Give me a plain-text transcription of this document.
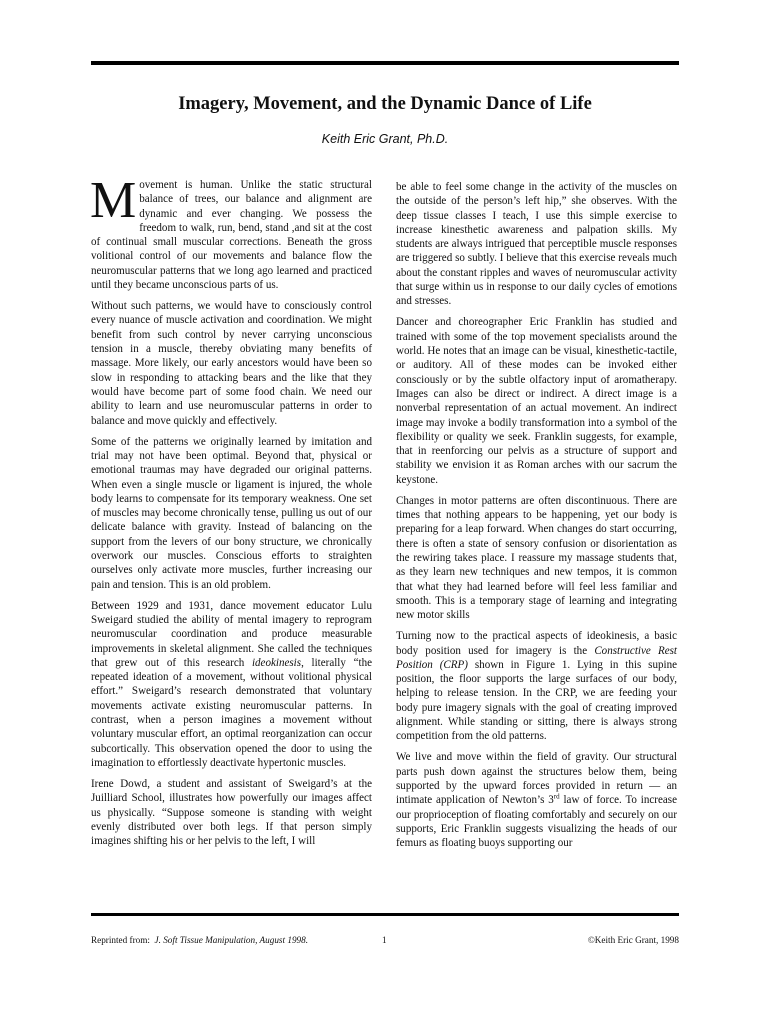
Imagery, Movement, and the Dynamic Dance of Life
Keith Eric Grant, Ph.D.

Movement is human. Unlike the static structural balance of trees, our balance and alignment are dynamic and ever changing. We possess the freedom to walk, run, bend, stand ,and sit at the cost of continual small muscular corrections. Beneath the gross volitional control of our movements and balance flow the neuromuscular patterns that we long ago learned and practiced until they became unconscious parts of us.

Without such patterns, we would have to consciously control every nuance of muscle activation and coordination. We might benefit from such control by never carrying unconscious tension in a muscle, thereby obviating many benefits of massage. More likely, our early ancestors would have been so slow in responding to attacking bears and the like that they would have become part of some food chain. We need our ability to learn and use neuromuscular patterns in order to balance and move quickly and effectively.

Some of the patterns we originally learned by imitation and trial may not have been optimal. Beyond that, physical or emotional traumas may have degraded our original patterns. When even a single muscle or ligament is injured, the whole body learns to compensate for its temporary weakness. One set of muscles may become chronically tense, pulling us out of our delicate balance with gravity. Instead of balancing on the support from the levers of our bony structure, we chronically overwork our muscles. Conscious efforts to straighten ourselves only activate more muscles, further increasing our pain and tension. This is an old problem.

Between 1929 and 1931, dance movement educator Lulu Sweigard studied the ability of mental imagery to reprogram neuromuscular coordination and produce measurable improvements in skeletal alignment. She called the techniques that grew out of this research ideokinesis, literally “the repeated ideation of a movement, without volitional physical effort.” Sweigard’s research demonstrated that voluntary movements activate existing neuromuscular patterns. In contrast, when a person imagines a movement without voluntary muscular effort, an optimal reorganization can occur subcortically. This observation opened the door to using the imagination to effortlessly deactivate hypertonic muscles.

Irene Dowd, a student and assistant of Sweigard’s at the Juilliard School, illustrates how powerfully our images affect us physically. “Suppose someone is standing with weight evenly distributed over both legs. If that person simply imagines shifting his or her pelvis to the left, I will

be able to feel some change in the activity of the muscles on the outside of the person’s left hip,” she observes. With the deep tissue classes I teach, I use this simple exercise to increase kinesthetic awareness and palpation skills. My students are always intrigued that perceptible muscle responses are triggered so subtly. I believe that this exercise reveals much about the constant ripples and waves of neuromuscular activity that surge within us in response to our daily cycles of emotions and stresses.

Dancer and choreographer Eric Franklin has studied and trained with some of the top movement specialists around the world. He notes that an image can be visual, kinesthetic-tactile, or auditory. All of these modes can be invoked either consciously or by the subtle olfactory input of aromatherapy. Images can also be direct or indirect. A direct image is a nonverbal representation of an actual movement. An indirect image may invoke a bodily transformation into a symbol of the flexibility or quality we seek. Franklin suggests, for example, that in reenforcing our pelvis as a structure of support and stability we envision it as Roman arches with our sacrum the keystone.

Changes in motor patterns are often discontinuous. There are times that nothing appears to be happening, yet our body is preparing for a leap forward. When changes do start occurring, there is often a state of sensory confusion or disorientation as the rewiring takes place. I reassure my massage students that, as they learn new techniques and new tempos, it is common that what they had learned before will feel less familiar and smooth. This is a temporary stage of learning and integrating new motor skills

Turning now to the practical aspects of ideokinesis, a basic body position used for imagery is the Constructive Rest Position (CRP) shown in Figure 1. Lying in this supine position, the floor supports the large surfaces of our body, helping to release tension. In the CRP, we are feeding your body pure imagery signals with the goal of creating improved alignment. While standing or sitting, there is always strong competition from the old patterns.

We live and move within the field of gravity. Our structural parts push down against the structures below them, being supported by the upward forces provided in return — an intimate application of Newton’s 3rd law of force. To increase our proprioception of floating comfortably and securely on our supports, Eric Franklin suggests visualizing the heads of our femurs as floating buoys supporting our

Reprinted from: J. Soft Tissue Manipulation, August 1998.	1	©Keith Eric Grant, 1998
